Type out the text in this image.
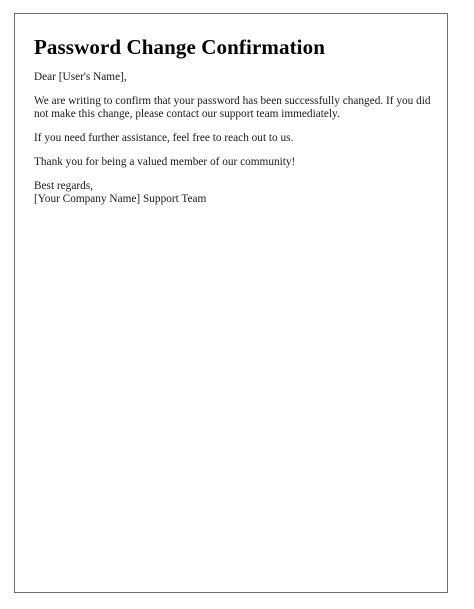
Password Change Confirmation

Dear [User's Name],

We are writing to confirm that your password has been successfully changed. If you did not make this change, please contact our support team immediately.

If you need further assistance, feel free to reach out to us.

Thank you for being a valued member of our community!

Best regards,
[Your Company Name] Support Team
